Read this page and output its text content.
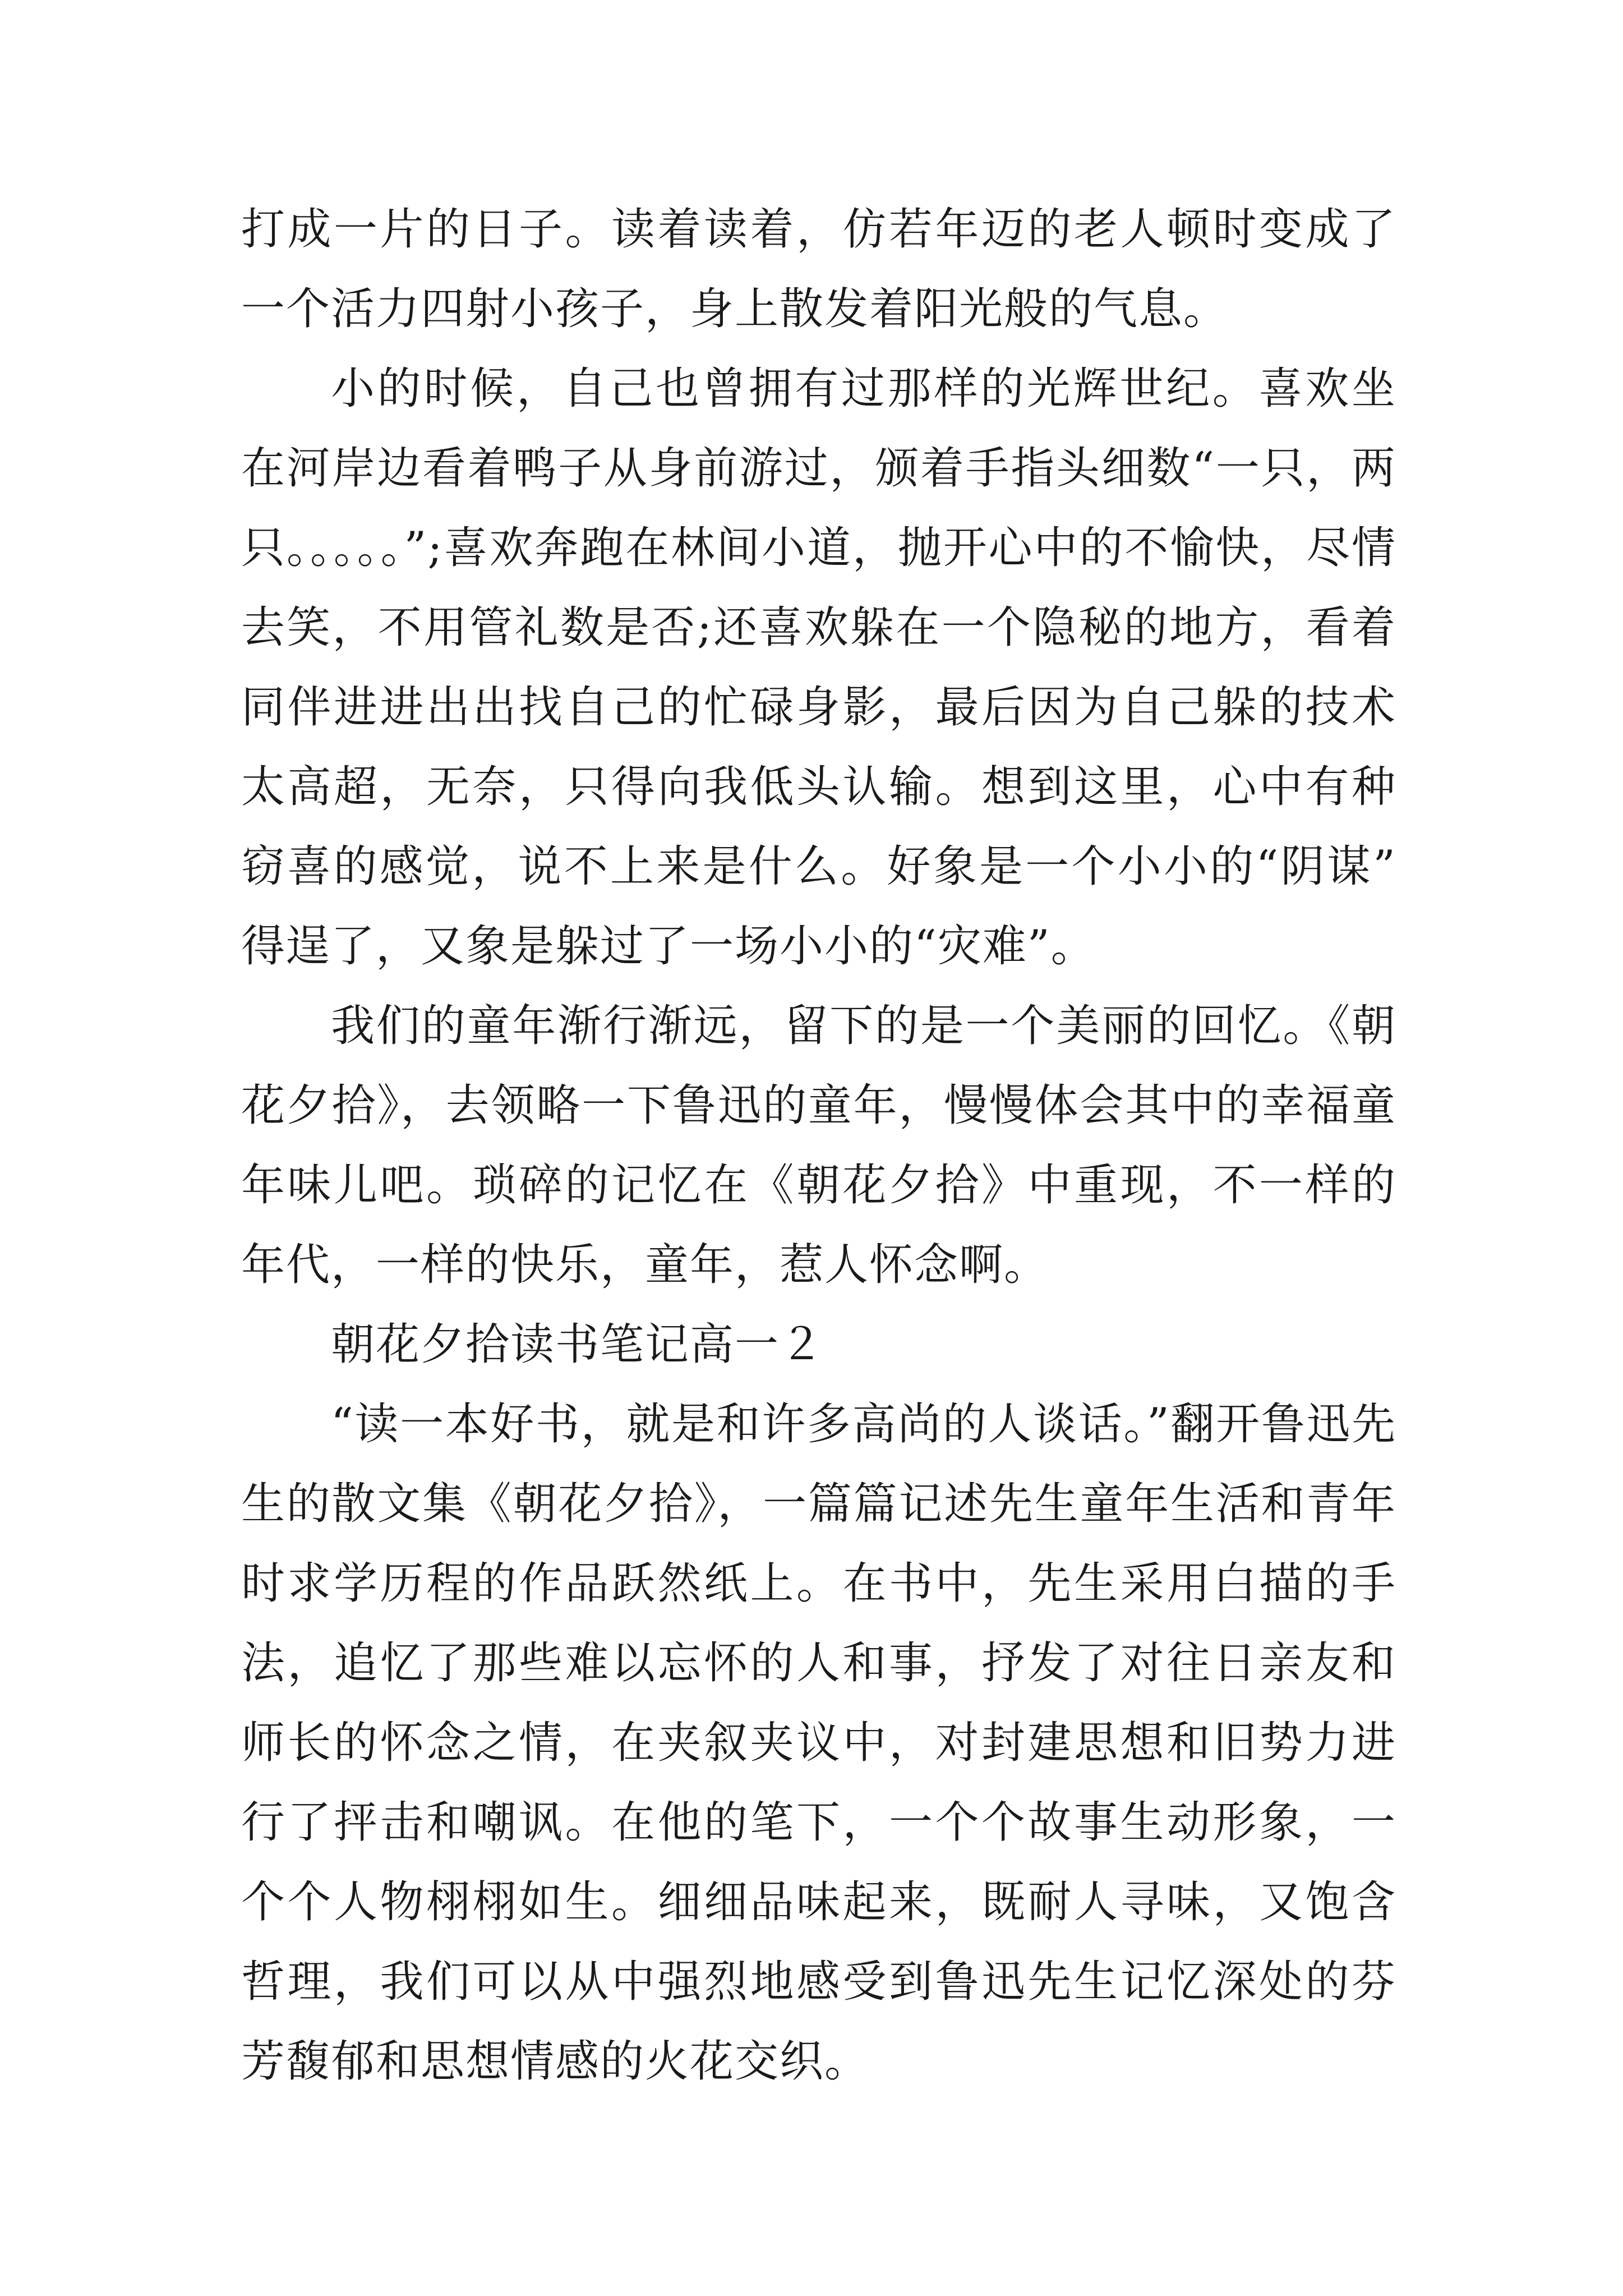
打成一片的日子。读着读着，仿若年迈的老人顿时变成了一个活力四射小孩子，身上散发着阳光般的气息。

小的时候，自己也曾拥有过那样的光辉世纪。喜欢坐在河岸边看着鸭子从身前游过，颁着手指头细数“一只，两只。。。。。”;喜欢奔跑在林间小道，抛开心中的不愉快，尽情去笑，不用管礼数是否;还喜欢躲在一个隐秘的地方，看着同伴进进出出找自己的忙碌身影，最后因为自己躲的技术太高超，无奈，只得向我低头认输。想到这里，心中有种窃喜的感觉，说不上来是什么。好象是一个小小的“阴谋”得逞了，又象是躲过了一场小小的“灾难”。

我们的童年渐行渐远，留下的是一个美丽的回忆。《朝花夕拾》，去领略一下鲁迅的童年，慢慢体会其中的幸福童年味儿吧。琐碎的记忆在《朝花夕拾》中重现，不一样的年代，一样的快乐，童年，惹人怀念啊。

朝花夕拾读书笔记高一２

“读一本好书，就是和许多高尚的人谈话。”翻开鲁迅先生的散文集《朝花夕拾》，一篇篇记述先生童年生活和青年时求学历程的作品跃然纸上。在书中，先生采用白描的手法，追忆了那些难以忘怀的人和事，抒发了对往日亲友和师长的怀念之情，在夹叙夹议中，对封建思想和旧势力进行了抨击和嘲讽。在他的笔下，一个个故事生动形象，一个个人物栩栩如生。细细品味起来，既耐人寻味，又饱含哲理，我们可以从中强烈地感受到鲁迅先生记忆深处的芬芳馥郁和思想情感的火花交织。
